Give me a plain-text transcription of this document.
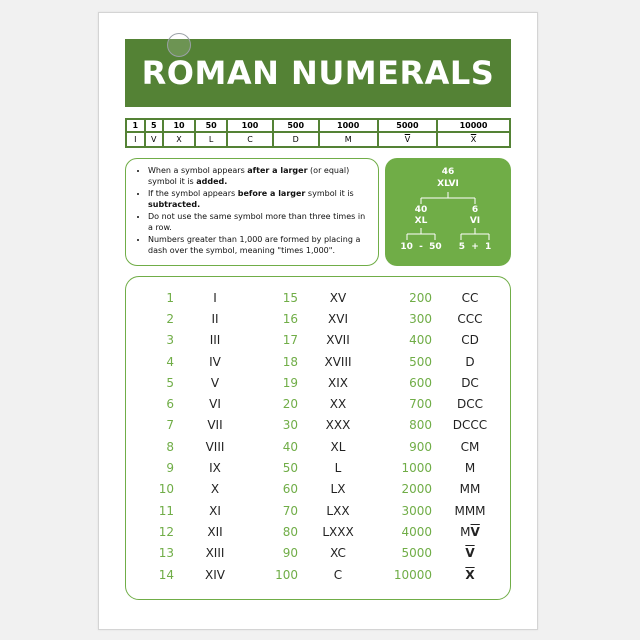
ROMAN NUMERALS
1	5	10	50	100	500	1000	5000	10000
I	V	X	L	C	D	M	$\overline{V}$	$\overline{X}$
• When a symbol appears after a larger (or equal) symbol it is added.
• If the symbol appears before a larger symbol it is subtracted.
• Do not use the same symbol more than three times in a row.
• Numbers greater than 1,000 are formed by placing a dash over the symbol, meaning "times 1,000".
46
XLVI
40
XL
6
VI
10  -  50	5  +  1
1	I
2	II
3	III
4	IV
5	V
6	VI
7	VII
8	VIII
9	IX
10	X
11	XI
12	XII
13	XIII
14	XIV
15	XV
16	XVI
17	XVII
18	XVIII
19	XIX
20	XX
30	XXX
40	XL
50	L
60	LX
70	LXX
80	LXXX
90	XC
100	C
200	CC
300	CCC
400	CD
500	D
600	DC
700	DCC
800	DCCC
900	CM
1000	M
2000	MM
3000	MMM
4000	$M\overline{V}$
5000	$\overline{V}$
10000	$\overline{X}$
